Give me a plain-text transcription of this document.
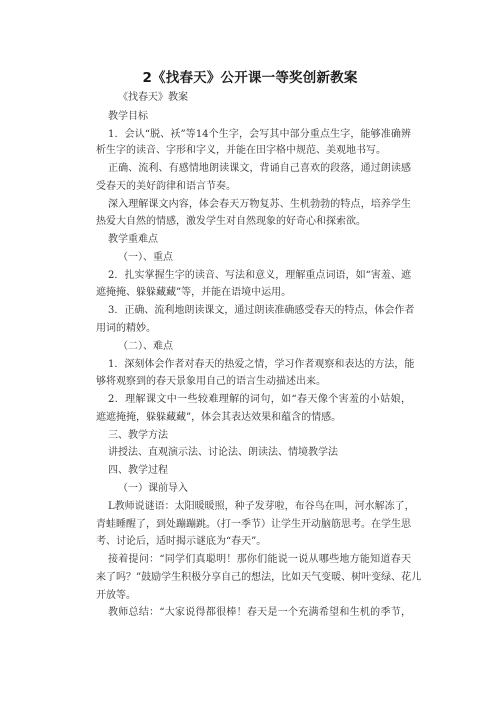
2《找春天》公开课一等奖创新教案
《找春天》教案
教学目标
1．会认“脱、袄”等14个生字，会写其中部分重点生字，能够准确辨
析生字的读音、字形和字义，并能在田字格中规范、美观地书写。
正确、流利、有感情地朗读课文，背诵自己喜欢的段落，通过朗读感
受春天的美好韵律和语言节奏。
深入理解课文内容，体会春天万物复苏、生机勃勃的特点，培养学生
热爱大自然的情感，激发学生对自然现象的好奇心和探索欲。
教学重难点
（一）、重点
2．扎实掌握生字的读音、写法和意义，理解重点词语，如“害羞、遮
遮掩掩、躲躲藏藏”等，并能在语境中运用。
3．正确、流利地朗读课文，通过朗读准确感受春天的特点，体会作者
用词的精妙。
（二）、难点
1．深刻体会作者对春天的热爱之情，学习作者观察和表达的方法，能
够将观察到的春天景象用自己的语言生动描述出来。
2．理解课文中一些较难理解的词句，如“春天像个害羞的小姑娘，
遮遮掩掩，躲躲藏藏”，体会其表达效果和蕴含的情感。
三、教学方法
讲授法、直观演示法、讨论法、朗读法、情境教学法
四、教学过程
（一）课前导入
L教师说谜语：太阳暖暖照，种子发芽啦，布谷鸟在叫，河水解冻了，
青蛙睡醒了，到处蹦蹦跳。（打一季节）让学生开动脑筋思考。在学生思
考、讨论后，适时揭示谜底为“春天”。
接着提问：“同学们真聪明！那你们能说一说从哪些地方能知道春天
来了吗？”鼓励学生积极分享自己的想法，比如天气变暖、树叶变绿、花儿
开放等。
教师总结：“大家说得都很棒！春天是一个充满希望和生机的季节，
